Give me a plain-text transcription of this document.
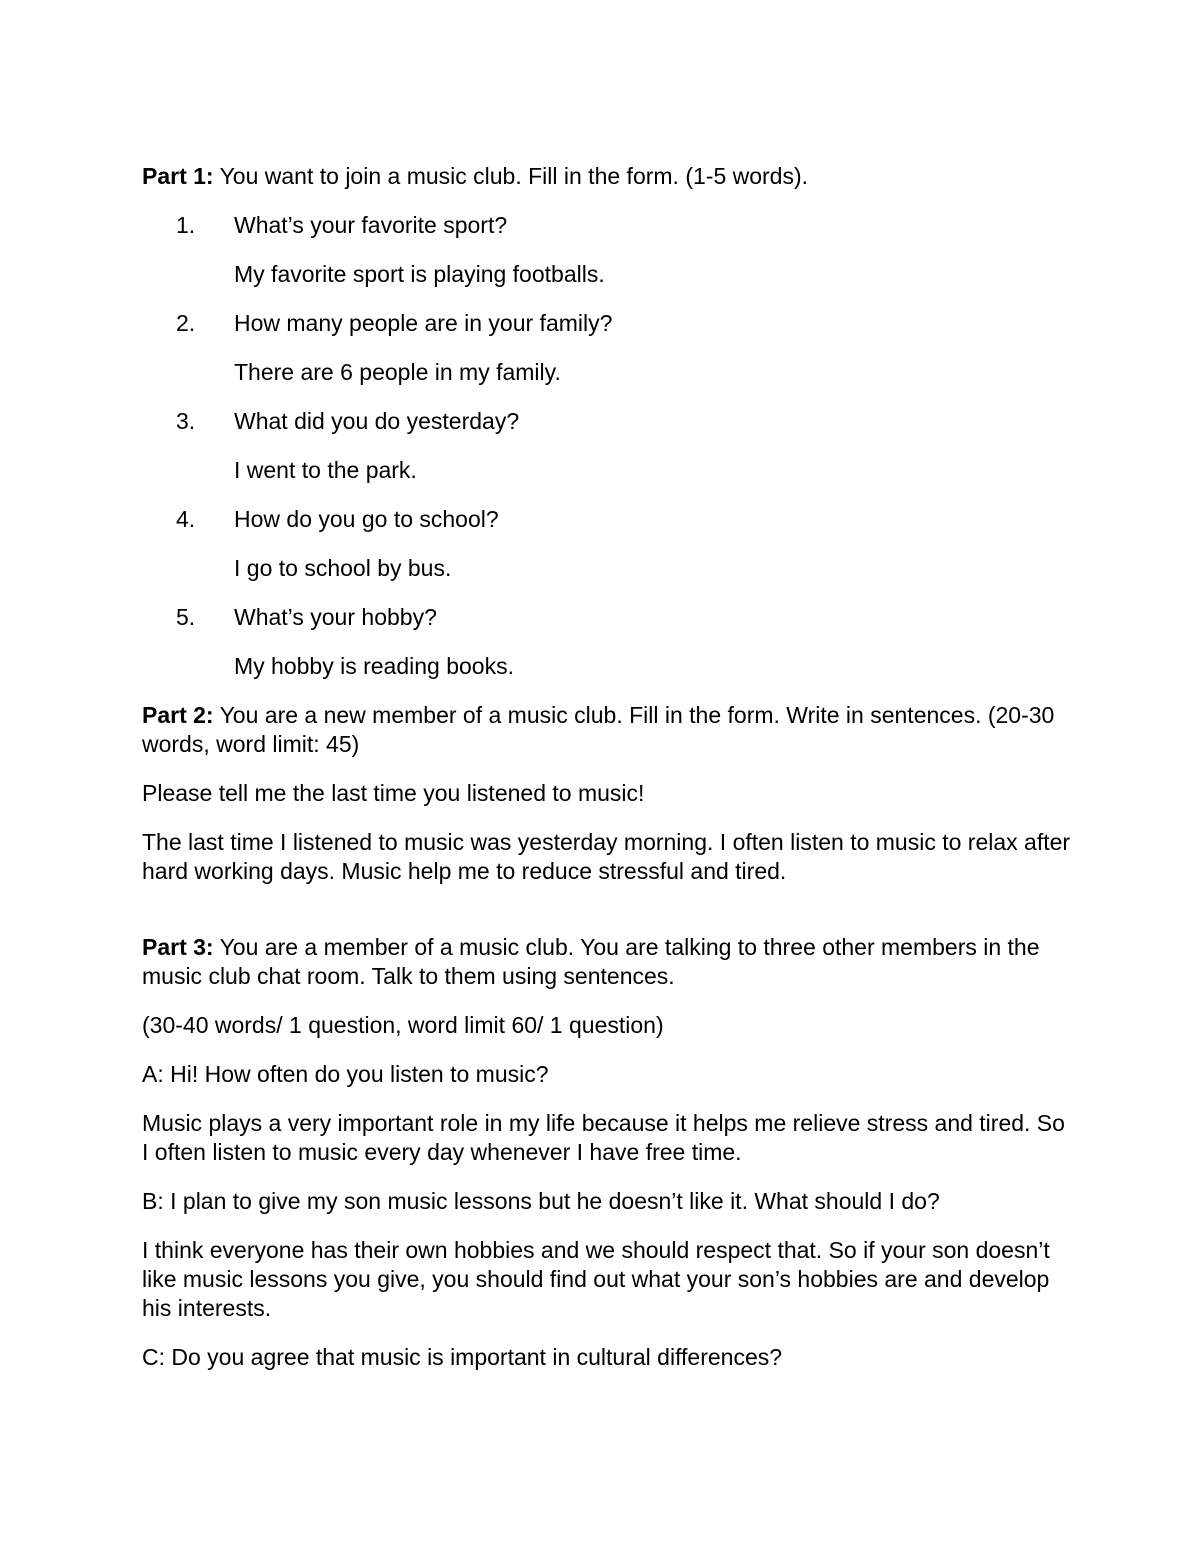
Part 1: You want to join a music club. Fill in the form. (1-5 words).

1. What’s your favorite sport?

My favorite sport is playing footballs.

2. How many people are in your family?

There are 6 people in my family.

3. What did you do yesterday?

I went to the park.

4. How do you go to school?

I go to school by bus.

5. What’s your hobby?

My hobby is reading books.

Part 2: You are a new member of a music club. Fill in the form. Write in sentences. (20-30 words, word limit: 45)

Please tell me the last time you listened to music!

The last time I listened to music was yesterday morning. I often listen to music to relax after hard working days. Music help me to reduce stressful and tired.

Part 3: You are a member of a music club. You are talking to three other members in the music club chat room. Talk to them using sentences.

(30-40 words/ 1 question, word limit 60/ 1 question)

A: Hi! How often do you listen to music?

Music plays a very important role in my life because it helps me relieve stress and tired. So I often listen to music every day whenever I have free time.

B: I plan to give my son music lessons but he doesn’t like it. What should I do?

I think everyone has their own hobbies and we should respect that. So if your son doesn’t like music lessons you give, you should find out what your son’s hobbies are and develop his interests.

C: Do you agree that music is important in cultural differences?
